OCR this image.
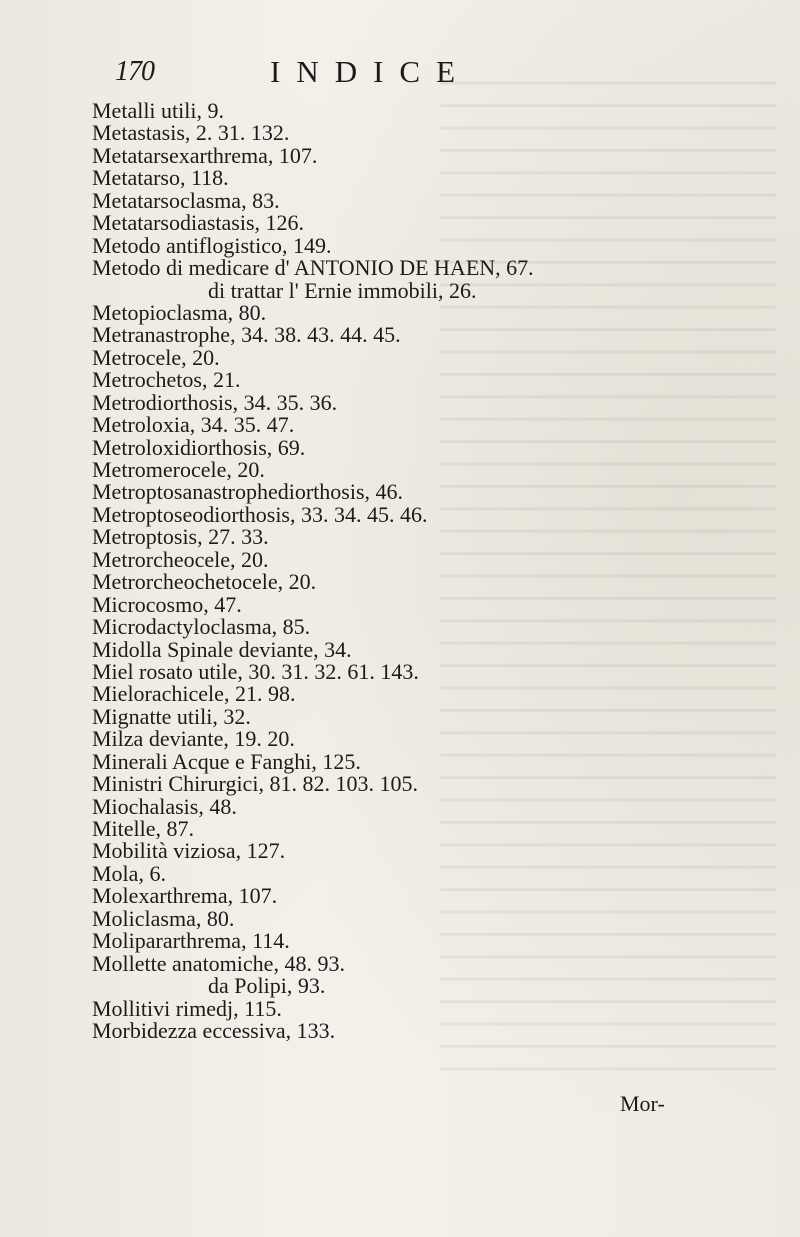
170	INDICE
Metalli utili, 9.
Metastasis, 2. 31. 132.
Metatarsexarthrema, 107.
Metatarso, 118.
Metatarsoclasma, 83.
Metatarsodiastasis, 126.
Metodo antiflogistico, 149.
Metodo di medicare d' ANTONIO DE HAEN, 67.
di trattar l' Ernie immobili, 26.
Metopioclasma, 80.
Metranastrophe, 34. 38. 43. 44. 45.
Metrocele, 20.
Metrochetos, 21.
Metrodiorthosis, 34. 35. 36.
Metroloxia, 34. 35. 47.
Metroloxidiorthosis, 69.
Metromerocele, 20.
Metroptosanastrophediorthosis, 46.
Metroptoseodiorthosis, 33. 34. 45. 46.
Metroptosis, 27. 33.
Metrorcheocele, 20.
Metrorcheochetocele, 20.
Microcosmo, 47.
Microdactyloclasma, 85.
Midolla Spinale deviante, 34.
Miel rosato utile, 30. 31. 32. 61. 143.
Mielorachicele, 21. 98.
Mignatte utili, 32.
Milza deviante, 19. 20.
Minerali Acque e Fanghi, 125.
Ministri Chirurgici, 81. 82. 103. 105.
Miochalasis, 48.
Mitelle, 87.
Mobilità viziosa, 127.
Mola, 6.
Molexarthrema, 107.
Moliclasma, 80.
Molipararthrema, 114.
Mollette anatomiche, 48. 93.
da Polipi, 93.
Mollitivi rimedj, 115.
Morbidezza eccessiva, 133.
Mor-
